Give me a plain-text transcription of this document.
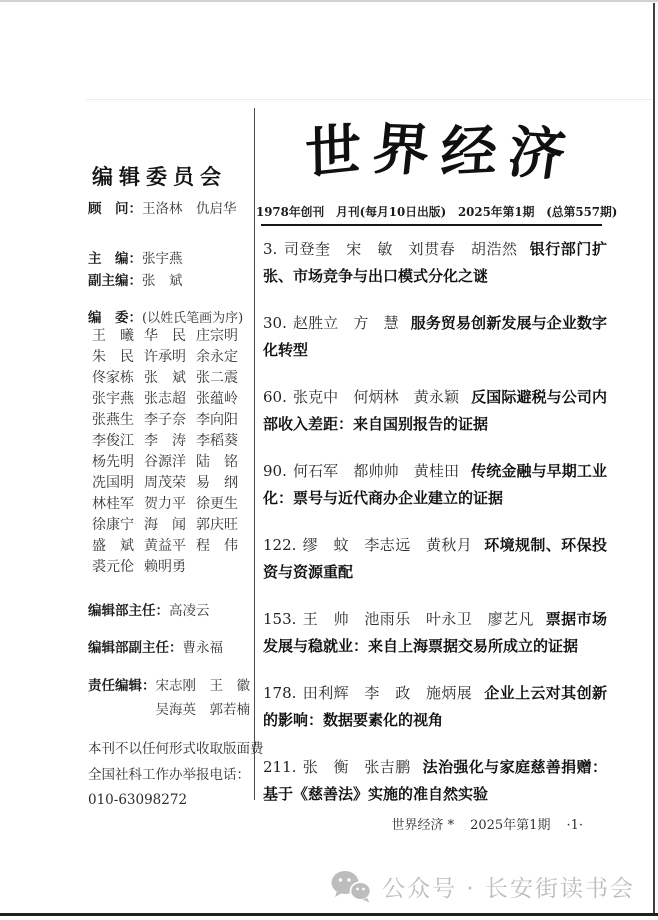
编辑委员会
顾　问：王洛林　仇启华
主　编：张宇燕
副主编：张　斌
编　委：(以姓氏笔画为序)
王　曦 华　民 庄宗明
朱　民 许承明 余永定
佟家栋 张　斌 张二震
张宇燕 张志超 张蕴岭
张燕生 李子奈 李向阳
李俊江 李　涛 李稻葵
杨先明 谷源洋 陆　铭
冼国明 周茂荣 易　纲
林桂军 贺力平 徐更生
徐康宁 海　闻 郭庆旺
盛　斌 黄益平 程　伟
裘元伦 赖明勇
编辑部主任：高凌云
编辑部副主任：曹永福
责任编辑： 宋志刚　王　徽
吴海英　郭若楠
本刊不以任何形式收取版面费
全国社科工作办举报电话：
010-63098272
世 界 经济
1978年创刊　月刊(每月10日出版)　2025年第1期　(总第557期)

3. 司登奎　宋　敏　刘贯春　胡浩然 银行部门扩张、市场竞争与出口模式分化之谜

30. 赵胜立　方　慧 服务贸易创新发展与企业数字化转型

60. 张克中　何炳林　黄永颖 反国际避税与公司内部收入差距：来自国别报告的证据

90. 何石军　都帅帅　黄桂田 传统金融与早期工业化：票号与近代商办企业建立的证据

122. 缪　蚊　李志远　黄秋月 环境规制、环保投资与资源重配

153. 王　帅　池雨乐　叶永卫　廖艺凡 票据市场发展与稳就业：来自上海票据交易所成立的证据

178. 田利辉　李　政　施炳展 企业上云对其创新的影响：数据要素化的视角

211. 张　衡　张吉鹏 法治强化与家庭慈善捐赠：基于《慈善法》实施的准自然实验

世界经济 * 2025年第1期 ·1·
公众号 · 长安街读书会
